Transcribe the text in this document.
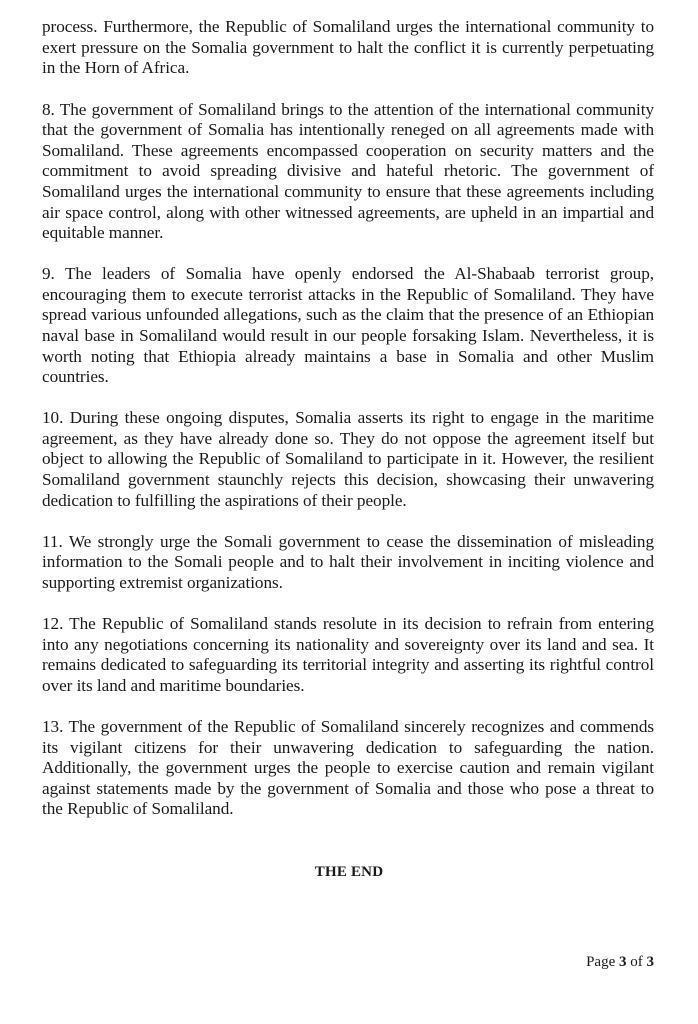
process. Furthermore, the Republic of Somaliland urges the international community to exert pressure on the Somalia government to halt the conflict it is currently perpetuating in the Horn of Africa.

8. The government of Somaliland brings to the attention of the international community that the government of Somalia has intentionally reneged on all agreements made with Somaliland. These agreements encompassed cooperation on security matters and the commitment to avoid spreading divisive and hateful rhetoric. The government of Somaliland urges the international community to ensure that these agreements including air space control, along with other witnessed agreements, are upheld in an impartial and equitable manner.

9. The leaders of Somalia have openly endorsed the Al-Shabaab terrorist group, encouraging them to execute terrorist attacks in the Republic of Somaliland. They have spread various unfounded allegations, such as the claim that the presence of an Ethiopian naval base in Somaliland would result in our people forsaking Islam. Nevertheless, it is worth noting that Ethiopia already maintains a base in Somalia and other Muslim countries.

10. During these ongoing disputes, Somalia asserts its right to engage in the maritime agreement, as they have already done so. They do not oppose the agreement itself but object to allowing the Republic of Somaliland to participate in it. However, the resilient Somaliland government staunchly rejects this decision, showcasing their unwavering dedication to fulfilling the aspirations of their people.

11. We strongly urge the Somali government to cease the dissemination of misleading information to the Somali people and to halt their involvement in inciting violence and supporting extremist organizations.

12. The Republic of Somaliland stands resolute in its decision to refrain from entering into any negotiations concerning its nationality and sovereignty over its land and sea. It remains dedicated to safeguarding its territorial integrity and asserting its rightful control over its land and maritime boundaries.

13. The government of the Republic of Somaliland sincerely recognizes and commends its vigilant citizens for their unwavering dedication to safeguarding the nation. Additionally, the government urges the people to exercise caution and remain vigilant against statements made by the government of Somalia and those who pose a threat to the Republic of Somaliland.

THE END
Page 3 of 3
